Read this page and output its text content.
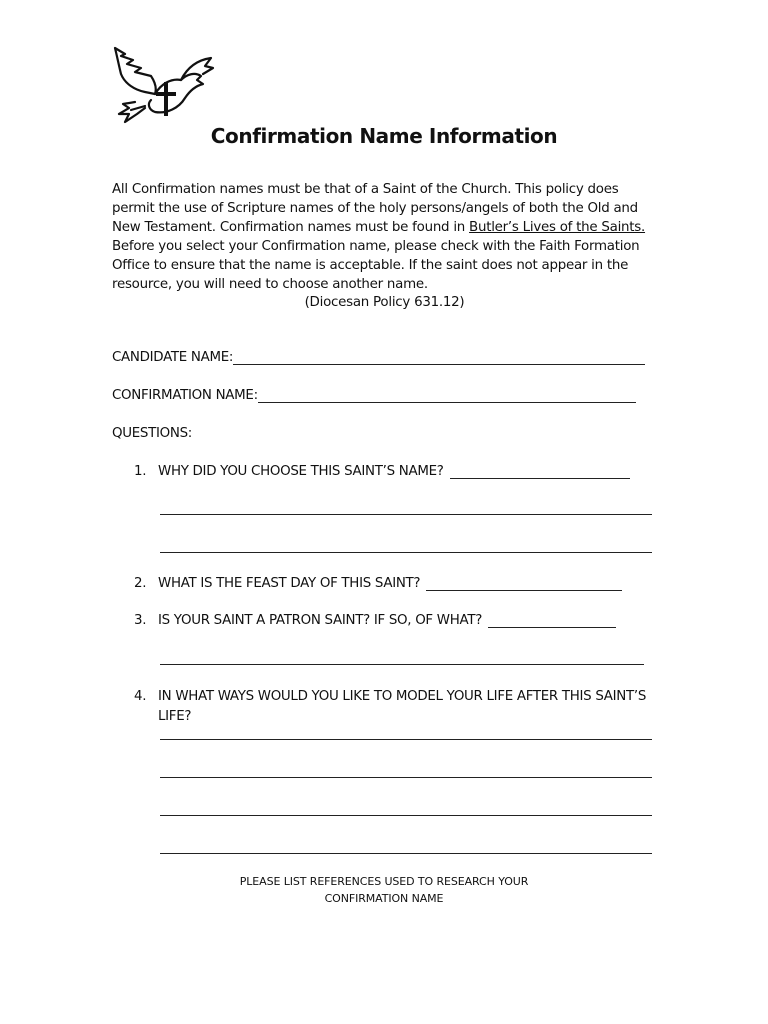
Confirmation Name Information

All Confirmation names must be that of a Saint of the Church. This policy does permit the use of Scripture names of the holy persons/angels of both the Old and New Testament. Confirmation names must be found in Butler’s Lives of the Saints. Before you select your Confirmation name, please check with the Faith Formation Office to ensure that the name is acceptable. If the saint does not appear in the resource, you will need to choose another name.

(Diocesan Policy 631.12)
CANDIDATE NAME:
CONFIRMATION NAME:
QUESTIONS:
1. WHY DID YOU CHOOSE THIS SAINT’S NAME?
2. WHAT IS THE FEAST DAY OF THIS SAINT?
3. IS YOUR SAINT A PATRON SAINT? IF SO, OF WHAT?
4. IN WHAT WAYS WOULD YOU LIKE TO MODEL YOUR LIFE AFTER THIS SAINT’S LIFE?
PLEASE LIST REFERENCES USED TO RESEARCH YOUR
CONFIRMATION NAME
